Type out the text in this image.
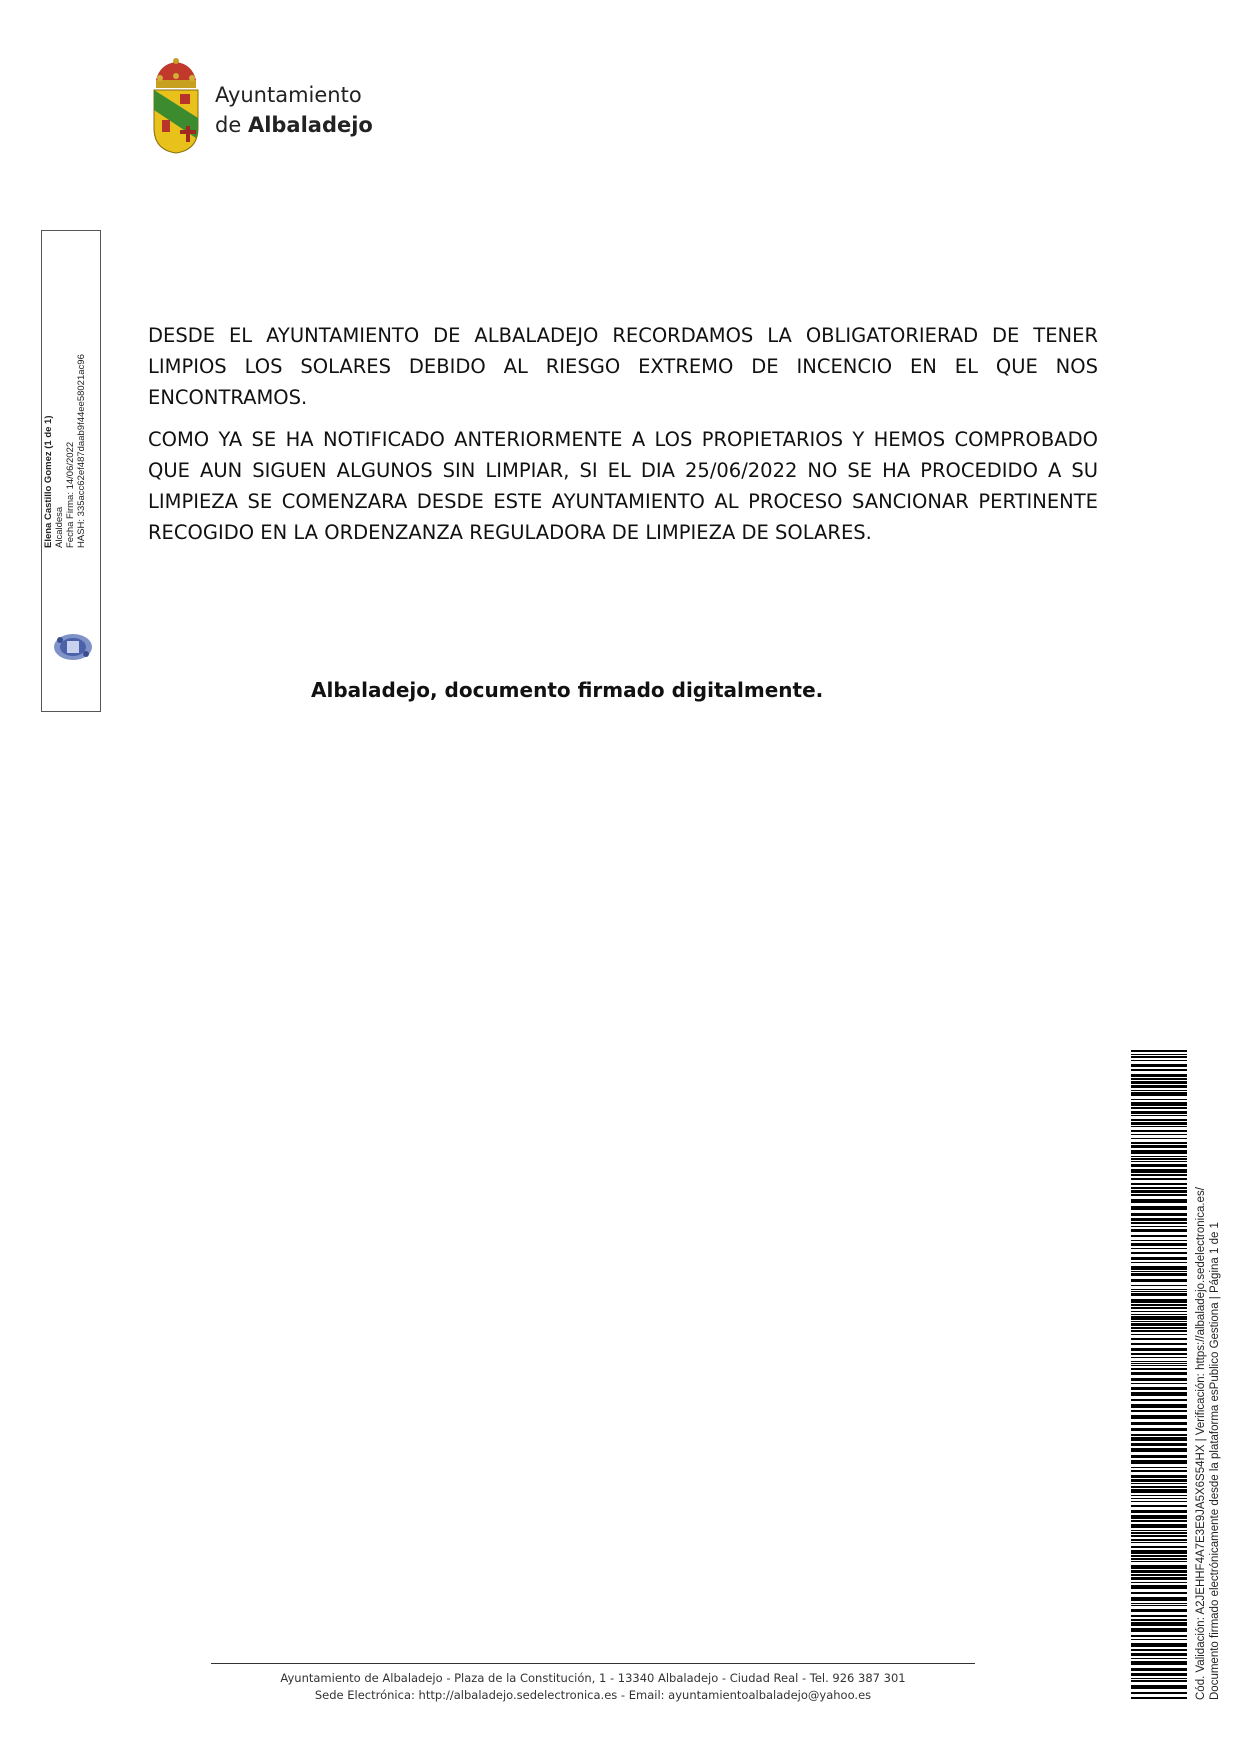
Ayuntamiento
de Albaladejo
Elena Castillo Gomez (1 de 1) Alcaldesa Fecha Firma: 14/06/2022 HASH: 335acc62ef487daab9f44ee58021ac96

DESDE EL AYUNTAMIENTO DE ALBALADEJO RECORDAMOS LA OBLIGATORIERAD DE TENER LIMPIOS LOS SOLARES DEBIDO AL RIESGO EXTREMO DE INCENCIO EN EL QUE NOS ENCONTRAMOS.

COMO YA SE HA NOTIFICADO ANTERIORMENTE A LOS PROPIETARIOS Y HEMOS COMPROBADO QUE AUN SIGUEN ALGUNOS SIN LIMPIAR, SI EL DIA 25/06/2022 NO SE HA PROCEDIDO A SU LIMPIEZA SE COMENZARA DESDE ESTE AYUNTAMIENTO AL PROCESO SANCIONAR PERTINENTE RECOGIDO EN LA ORDENZANZA REGULADORA DE LIMPIEZA DE SOLARES.

Albaladejo, documento firmado digitalmente.
Ayuntamiento de Albaladejo - Plaza de la Constitución, 1 - 13340 Albaladejo - Ciudad Real - Tel. 926 387 301
Sede Electrónica: http://albaladejo.sedelectronica.es - Email: ayuntamientoalbaladejo@yahoo.es	Cód. Validación: A2JEHHF4A7E3E9JA5X6S54HX | Verificación: https://albaladejo.sedelectronica.es/ Documento firmado electrónicamente desde la plataforma esPublico Gestiona | Página 1 de 1
